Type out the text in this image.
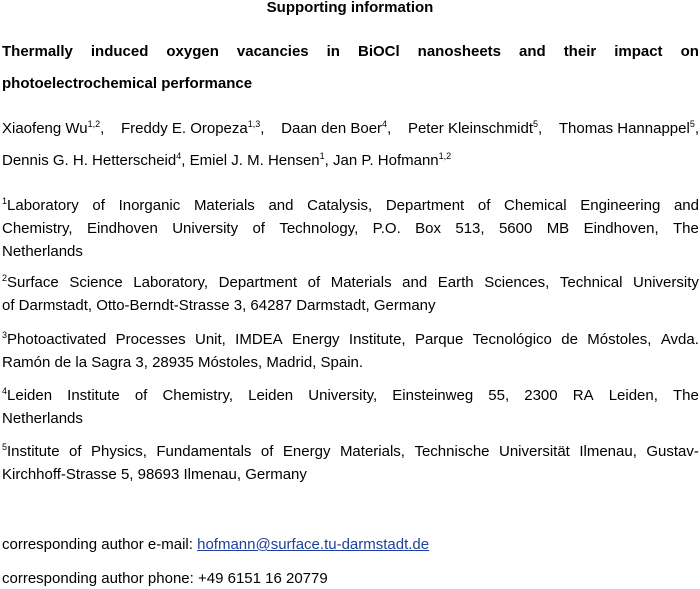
Supporting information
Thermally induced oxygen vacancies in BiOCl nanosheets and their impact on
photoelectrochemical performance
Xiaofeng Wu$^{1,2}$, Freddy E. Oropeza$^{1,3}$, Daan den Boer$^4$, Peter Kleinschmidt$^5$, Thomas Hannappel$^5$,
Dennis G. H. Hetterscheid$^4$, Emiel J. M. Hensen$^1$, Jan P. Hofmann$^{1,2}$
$^1$Laboratory of Inorganic Materials and Catalysis, Department of Chemical Engineering and
Chemistry, Eindhoven University of Technology, P.O. Box 513, 5600 MB Eindhoven, The
Netherlands
$^2$Surface Science Laboratory, Department of Materials and Earth Sciences, Technical University
of Darmstadt, Otto-Berndt-Strasse 3, 64287 Darmstadt, Germany
$^3$Photoactivated Processes Unit, IMDEA Energy Institute, Parque Tecnológico de Móstoles, Avda.
Ramón de la Sagra 3, 28935 Móstoles, Madrid, Spain.
$^4$Leiden Institute of Chemistry, Leiden University, Einsteinweg 55, 2300 RA Leiden, The
Netherlands
$^5$Institute of Physics, Fundamentals of Energy Materials, Technische Universität Ilmenau, Gustav-
Kirchhoff-Strasse 5, 98693 Ilmenau, Germany
corresponding author e-mail: hofmann@surface.tu-darmstadt.de
corresponding author phone: +49 6151 16 20779
